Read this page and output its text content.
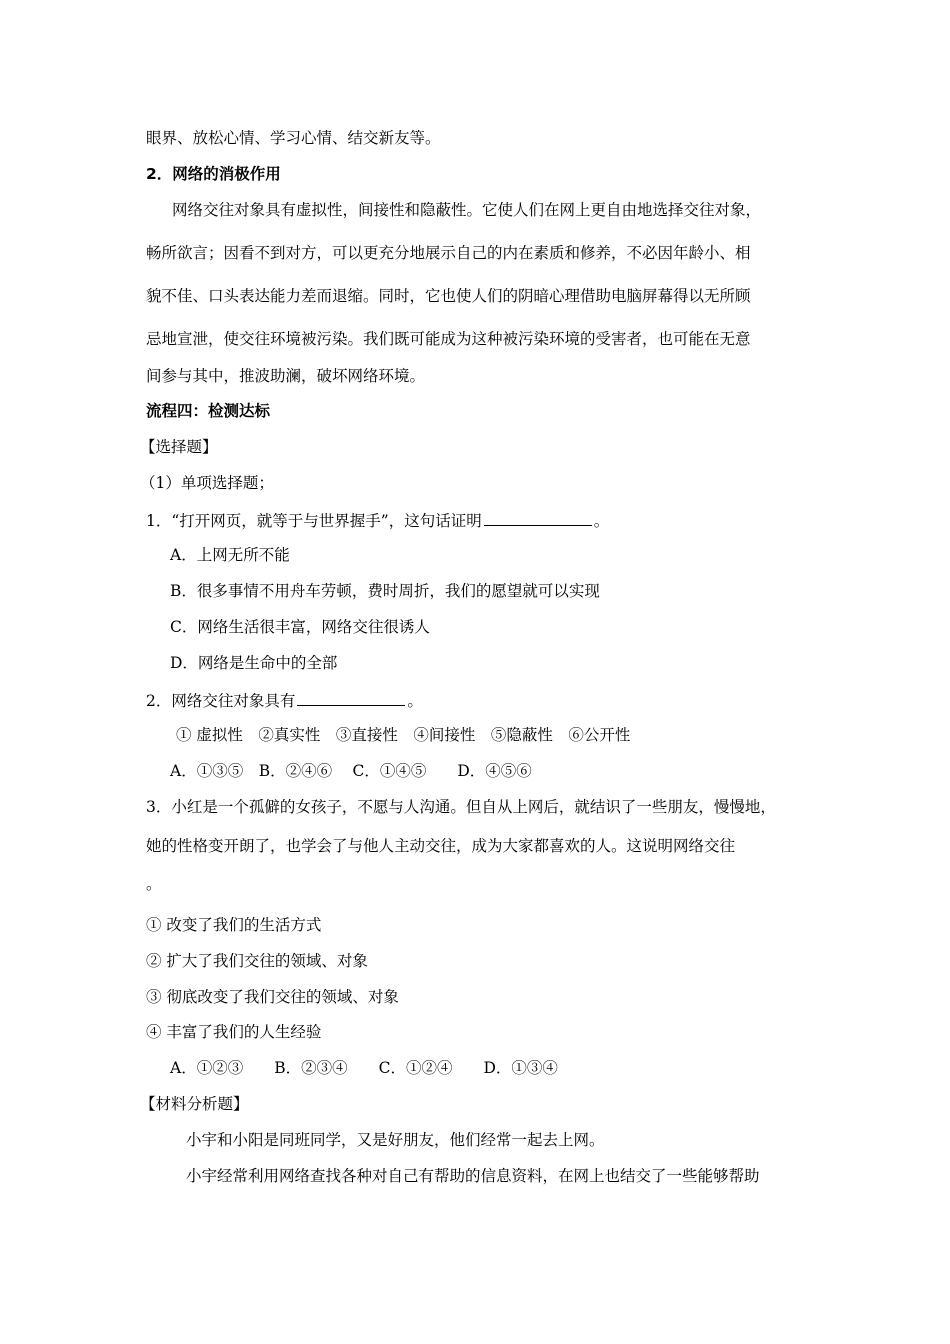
眼界、放松心情、学习心情、结交新友等。
2．网络的消极作用
网络交往对象具有虚拟性，间接性和隐蔽性。它使人们在网上更自由地选择交往对象，
畅所欲言；因看不到对方，可以更充分地展示自己的内在素质和修养，不必因年龄小、相
貌不佳、口头表达能力差而退缩。同时，它也使人们的阴暗心理借助电脑屏幕得以无所顾
忌地宣泄，使交往环境被污染。我们既可能成为这种被污染环境的受害者，也可能在无意
间参与其中，推波助澜，破坏网络环境。
流程四：检测达标
【选择题】
（1）单项选择题；
1．“打开网页，就等于与世界握手”，这句话证明	。
A．上网无所不能
B．很多事情不用舟车劳顿，费时周折，我们的愿望就可以实现
C．网络生活很丰富，网络交往很诱人
D．网络是生命中的全部
2．网络交往对象具有	。
① 虚拟性　②真实性　③直接性　④间接性　⑤隐蔽性　⑥公开性
A．①③⑤　B．②④⑥　 C．①④⑤　　D．④⑤⑥
3．小红是一个孤僻的女孩子，不愿与人沟通。但自从上网后，就结识了一些朋友，慢慢地，
她的性格变开朗了，也学会了与他人主动交往，成为大家都喜欢的人。这说明网络交往
。
① 改变了我们的生活方式
② 扩大了我们交往的领域、对象
③ 彻底改变了我们交往的领域、对象
④ 丰富了我们的人生经验
A．①②③　　B．②③④　　C．①②④　　D．①③④
【材料分析题】
小宇和小阳是同班同学，又是好朋友，他们经常一起去上网。
小宇经常利用网络查找各种对自己有帮助的信息资料，在网上也结交了一些能够帮助
